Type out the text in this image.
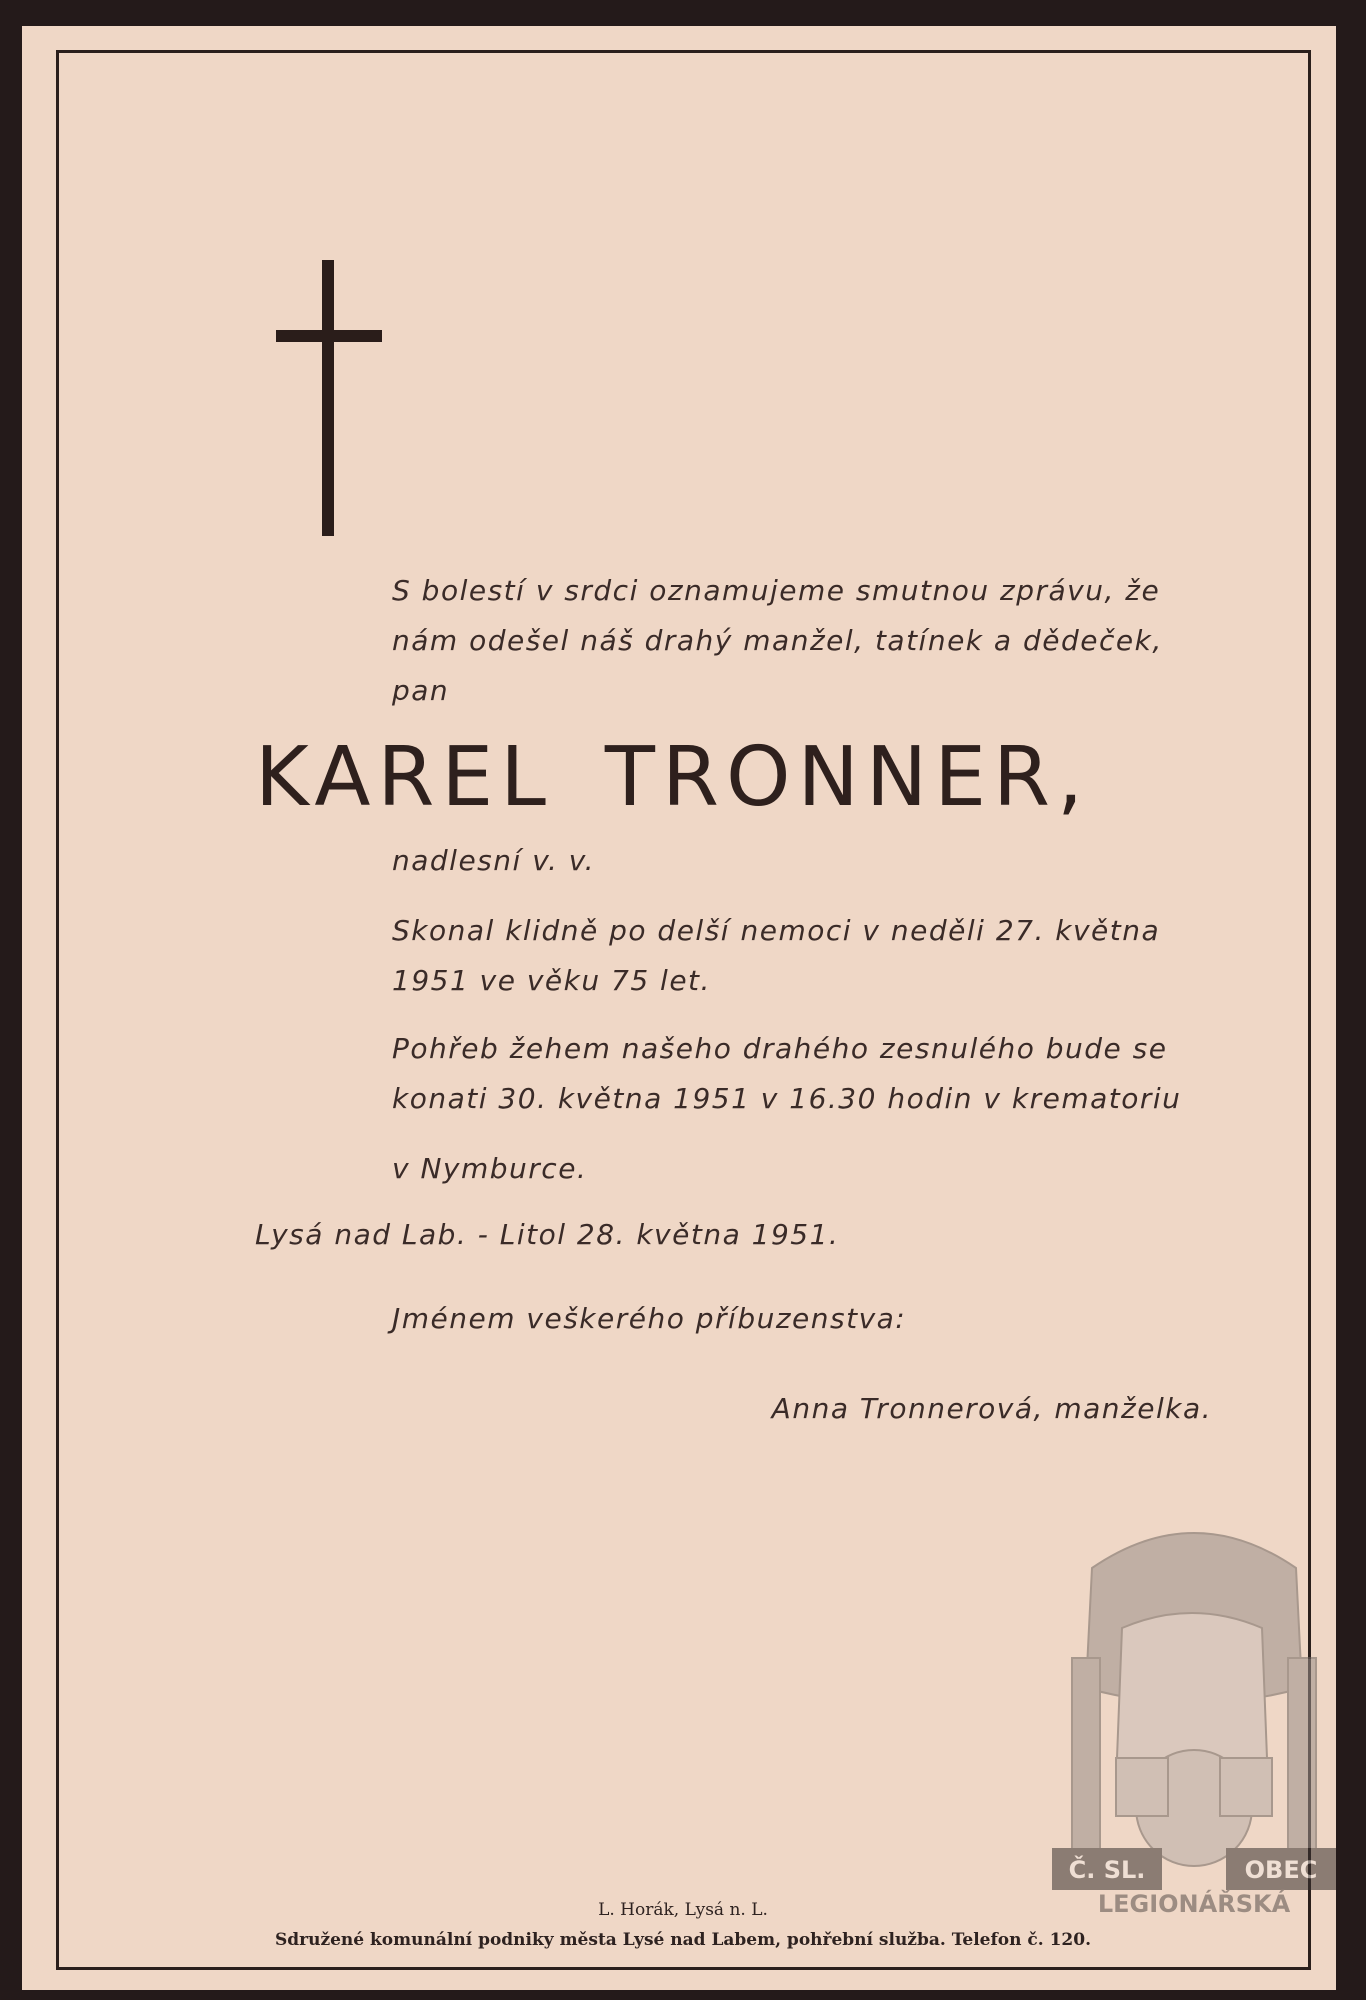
S bolestí v srdci oznamujeme smutnou zprávu, že
nám odešel náš drahý manžel, tatínek a dědeček,
pan
KAREL TRONNER,
nadlesní v. v.
Skonal klidně po delší nemoci v neděli 27. května
1951 ve věku 75 let.
Pohřeb žehem našeho drahého zesnulého bude se
konati 30. května 1951 v 16.30 hodin v krematoriu
v Nymburce.
Lysá nad Lab. - Litol 28. května 1951.
Jménem veškerého příbuzenstva:
Anna Tronnerová, manželka.
L. Horák, Lysá n. L.
Sdružené komunální podniky města Lysé nad Labem, pohřební služba. Telefon č. 120.
Č. SL.	OBEC
LEGIONÁŘSKÁ
